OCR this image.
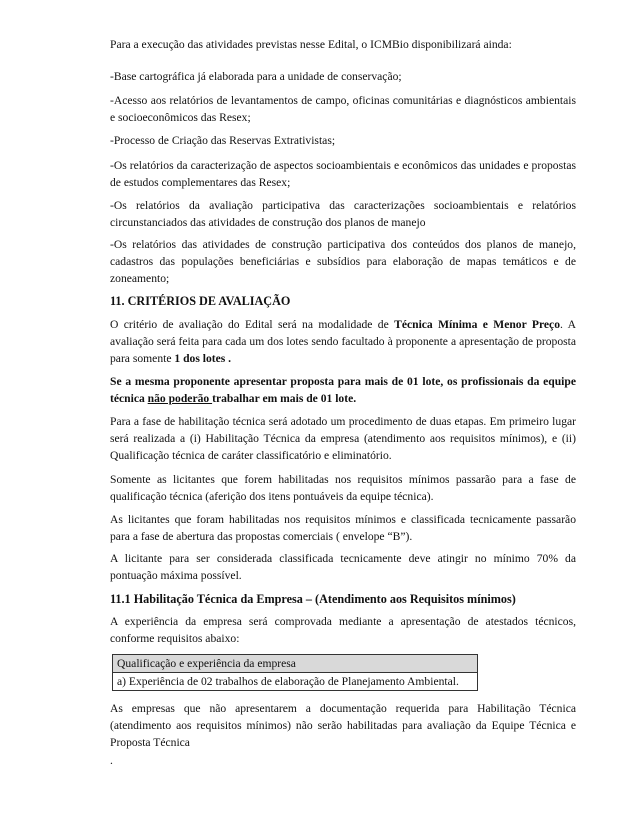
Para a execução das atividades previstas nesse Edital, o ICMBio disponibilizará ainda:

-Base cartográfica já elaborada para a unidade de conservação;

-Acesso aos relatórios de levantamentos de campo, oficinas comunitárias e diagnósticos ambientais e socioeconômicos das Resex;

-Processo de Criação das Reservas Extrativistas;

-Os relatórios da caracterização de aspectos socioambientais e econômicos das unidades e propostas de estudos complementares das Resex;

-Os relatórios da avaliação participativa das caracterizações socioambientais e relatórios circunstanciados das atividades de construção dos planos de manejo

-Os relatórios das atividades de construção participativa dos conteúdos dos planos de manejo, cadastros das populações beneficiárias e subsídios para elaboração de mapas temáticos e de zoneamento;

11. CRITÉRIOS DE AVALIAÇÃO

O critério de avaliação do Edital será na modalidade de Técnica Mínima e Menor Preço. A avaliação será feita para cada um dos lotes sendo facultado à proponente a apresentação de proposta para somente 1 dos lotes .

Se a mesma proponente apresentar proposta para mais de 01 lote, os profissionais da equipe técnica não poderão trabalhar em mais de 01 lote.

Para a fase de habilitação técnica será adotado um procedimento de duas etapas. Em primeiro lugar será realizada a (i) Habilitação Técnica da empresa (atendimento aos requisitos mínimos), e (ii) Qualificação técnica de caráter classificatório e eliminatório.

Somente as licitantes que forem habilitadas nos requisitos mínimos passarão para a fase de qualificação técnica (aferição dos itens pontuáveis da equipe técnica).

As licitantes que foram habilitadas nos requisitos mínimos e classificada tecnicamente passarão para a fase de abertura das propostas comerciais ( envelope “B”).

A licitante para ser considerada classificada tecnicamente deve atingir no mínimo 70% da pontuação máxima possível.

11.1 Habilitação Técnica da Empresa – (Atendimento aos Requisitos mínimos)

A experiência da empresa será comprovada mediante a apresentação de atestados técnicos, conforme requisitos abaixo:

Qualificação e experiência da empresa
a) Experiência de 02 trabalhos de elaboração de Planejamento Ambiental.

As empresas que não apresentarem a documentação requerida para Habilitação Técnica (atendimento aos requisitos mínimos) não serão habilitadas para avaliação da Equipe Técnica e Proposta Técnica

.
